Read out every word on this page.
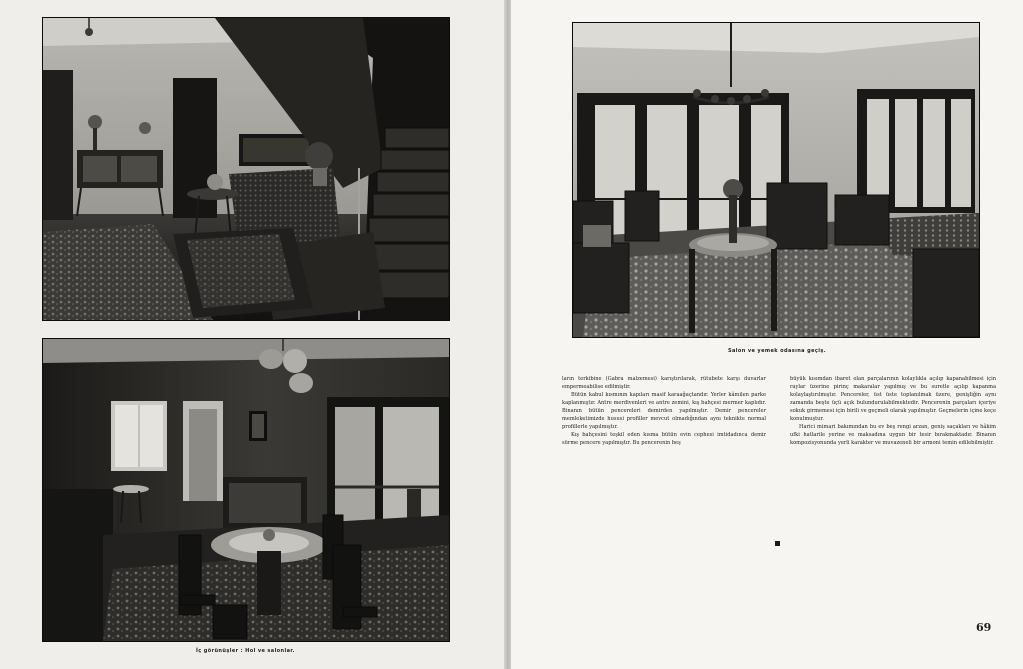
İç görünüşler : Hol ve salonlar.

Salon ve yemek odasına geçiş.

ların terkibine (Gabra malzemesi) karıştırılarak, rütubete karşı duvarlar empermeabilise edilmiştir.

Bütün kabul kısmının kapıları masif karaağaçtandır. Yerler kâmilen parke kaplanmıştır. Antre merdivenleri ve antre zemini, kış bahçesi mermer kaplıdır. Binanın bütün pencereleri demirden yapılmıştır. Demir pencereler memleketimizde hususi profiller mevcut olmadığından aynı teknikte normal profillerle yapılmıştır.

Kış bahçesini teşkil eden kısma bütün evin cephesi imtidadınca demir sürme pencere yapılmıştır. Bu pencerenin beş

büyük kısımdan ibaret olan parçalarının kolaylıkla açılıp kapanabilmesi için raylar üzerine pirinç makaralar yapılmış ve bu suretle açılıp kapanma kolaylaştırılmıştır. Pencereler, üst üste toplanılmak üzere, genişliğin aynı zamanda beşte üçü açık bulundurulabilmektedir. Pencerenin parçaları içeriye sokuk girmemesi için birili ve geçmeli olarak yapılmıştır. Geçmelerin içine keçe konulmuştur.

Harici mimari bakımından bu ev beş rengi arzan, geniş saçakları ve hâkim ufki hatlarile yerine ve maksadına uygun bir tesir bırakmaktadır. Binanın kompozisyonunda yerli karakter ve muvazeneli bir armoni temin edilebilmiştir.

69
